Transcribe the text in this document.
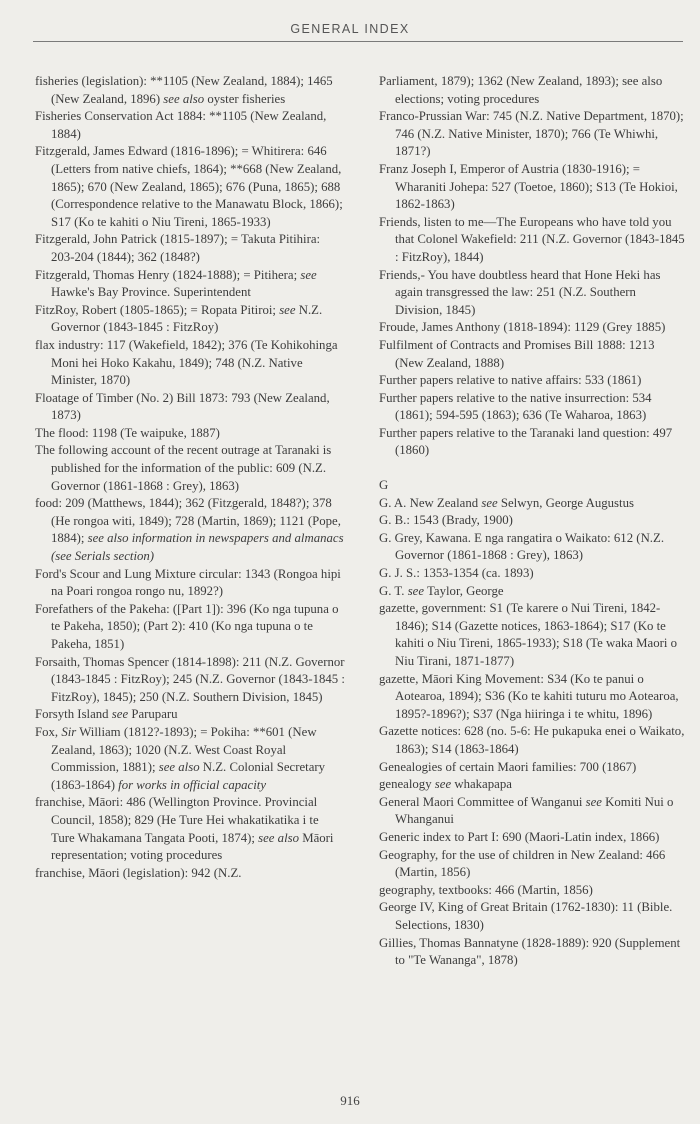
GENERAL INDEX
fisheries (legislation): **1105 (New Zealand, 1884); 1465 (New Zealand, 1896) see also oyster fisheries
Fisheries Conservation Act 1884: **1105 (New Zealand, 1884)
Fitzgerald, James Edward (1816-1896); = Whitirera: 646 (Letters from native chiefs, 1864); **668 (New Zealand, 1865); 670 (New Zealand, 1865); 676 (Puna, 1865); 688 (Correspondence relative to the Manawatu Block, 1866); S17 (Ko te kahiti o Niu Tireni, 1865-1933)
Fitzgerald, John Patrick (1815-1897); = Takuta Pitihira: 203-204 (1844); 362 (1848?)
Fitzgerald, Thomas Henry (1824-1888); = Pitihera; see Hawke's Bay Province. Superintendent
FitzRoy, Robert (1805-1865); = Ropata Pitiroi; see N.Z. Governor (1843-1845 : FitzRoy)
flax industry: 117 (Wakefield, 1842); 376 (Te Kohikohinga Moni hei Hoko Kakahu, 1849); 748 (N.Z. Native Minister, 1870)
Floatage of Timber (No. 2) Bill 1873: 793 (New Zealand, 1873)
The flood: 1198 (Te waipuke, 1887)
The following account of the recent outrage at Taranaki is published for the information of the public: 609 (N.Z. Governor (1861-1868 : Grey), 1863)
food: 209 (Matthews, 1844); 362 (Fitzgerald, 1848?); 378 (He rongoa witi, 1849); 728 (Martin, 1869); 1121 (Pope, 1884); see also information in newspapers and almanacs (see Serials section)
Ford's Scour and Lung Mixture circular: 1343 (Rongoa hipi na Poari rongoa rongo nu, 1892?)
Forefathers of the Pakeha: ([Part 1]): 396 (Ko nga tupuna o te Pakeha, 1850); (Part 2): 410 (Ko nga tupuna o te Pakeha, 1851)
Forsaith, Thomas Spencer (1814-1898): 211 (N.Z. Governor (1843-1845 : FitzRoy); 245 (N.Z. Governor (1843-1845 : FitzRoy), 1845); 250 (N.Z. Southern Division, 1845)
Forsyth Island see Paruparu
Fox, Sir William (1812?-1893); = Pokiha: **601 (New Zealand, 1863); 1020 (N.Z. West Coast Royal Commission, 1881); see also N.Z. Colonial Secretary (1863-1864) for works in official capacity
franchise, Māori: 486 (Wellington Province. Provincial Council, 1858); 829 (He Ture Hei whakatikatika i te Ture Whakamana Tangata Pooti, 1874); see also Māori representation; voting procedures
franchise, Māori (legislation): 942 (N.Z.
Parliament, 1879); 1362 (New Zealand, 1893); see also elections; voting procedures
Franco-Prussian War: 745 (N.Z. Native Department, 1870); 746 (N.Z. Native Minister, 1870); 766 (Te Whiwhi, 1871?)
Franz Joseph I, Emperor of Austria (1830-1916); = Wharaniti Johepa: 527 (Toetoe, 1860); S13 (Te Hokioi, 1862-1863)
Friends, listen to me—The Europeans who have told you that Colonel Wakefield: 211 (N.Z. Governor (1843-1845 : FitzRoy), 1844)
Friends,- You have doubtless heard that Hone Heki has again transgressed the law: 251 (N.Z. Southern Division, 1845)
Froude, James Anthony (1818-1894): 1129 (Grey 1885)
Fulfilment of Contracts and Promises Bill 1888: 1213 (New Zealand, 1888)
Further papers relative to native affairs: 533 (1861)
Further papers relative to the native insurrection: 534 (1861); 594-595 (1863); 636 (Te Waharoa, 1863)
Further papers relative to the Taranaki land question: 497 (1860)
G
G. A. New Zealand see Selwyn, George Augustus
G. B.: 1543 (Brady, 1900)
G. Grey, Kawana. E nga rangatira o Waikato: 612 (N.Z. Governor (1861-1868 : Grey), 1863)
G. J. S.: 1353-1354 (ca. 1893)
G. T. see Taylor, George
gazette, government: S1 (Te karere o Nui Tireni, 1842-1846); S14 (Gazette notices, 1863-1864); S17 (Ko te kahiti o Niu Tireni, 1865-1933); S18 (Te waka Maori o Niu Tirani, 1871-1877)
gazette, Māori King Movement: S34 (Ko te panui o Aotearoa, 1894); S36 (Ko te kahiti tuturu mo Aotearoa, 1895?-1896?); S37 (Nga hiiringa i te whitu, 1896)
Gazette notices: 628 (no. 5-6: He pukapuka enei o Waikato, 1863); S14 (1863-1864)
Genealogies of certain Maori families: 700 (1867)
genealogy see whakapapa
General Maori Committee of Wanganui see Komiti Nui o Whanganui
Generic index to Part I: 690 (Maori-Latin index, 1866)
Geography, for the use of children in New Zealand: 466 (Martin, 1856)
geography, textbooks: 466 (Martin, 1856)
George IV, King of Great Britain (1762-1830): 11 (Bible. Selections, 1830)
Gillies, Thomas Bannatyne (1828-1889): 920 (Supplement to "Te Wananga", 1878)
916
